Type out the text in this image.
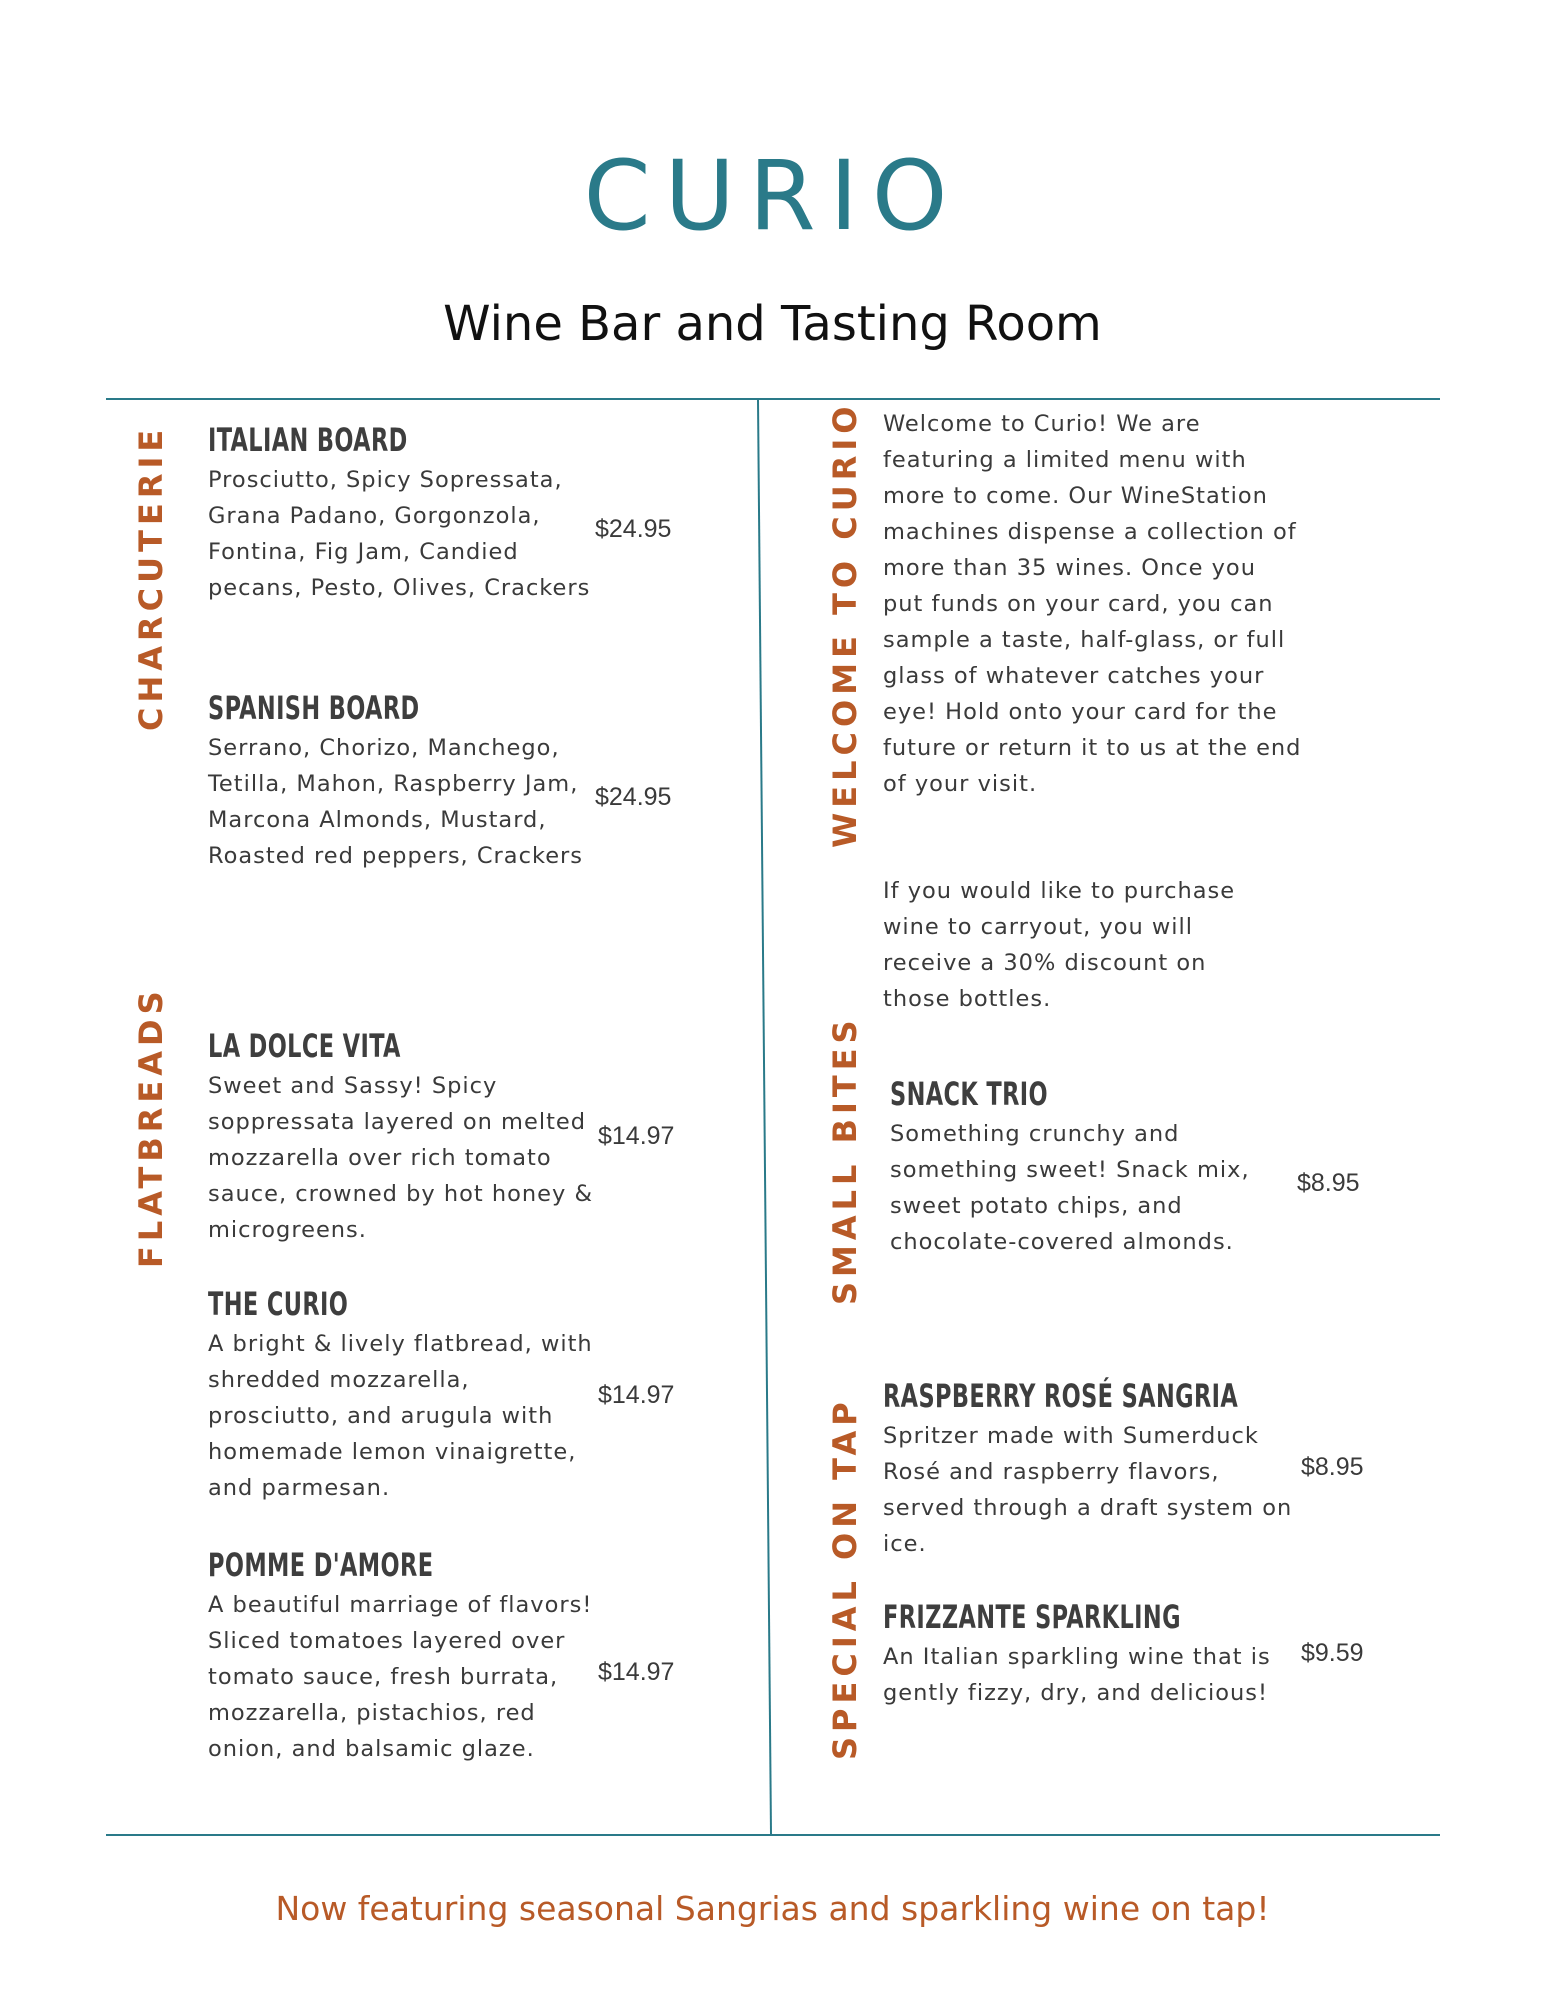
CURIO
Wine Bar and Tasting Room
CHARCUTERIE
FLATBREADS
WELCOME TO CURIO
SMALL BITES
SPECIAL ON TAP
ITALIAN BOARD
Prosciutto, Spicy Sopressata, Grana Padano, Gorgonzola, Fontina, Fig Jam, Candied pecans, Pesto, Olives, Crackers
$24.95
SPANISH BOARD
Serrano, Chorizo, Manchego, Tetilla, Mahon, Raspberry Jam, Marcona Almonds, Mustard, Roasted red peppers, Crackers
$24.95
LA DOLCE VITA
Sweet and Sassy! Spicy soppressata layered on melted mozzarella over rich tomato sauce, crowned by hot honey & microgreens.
$14.97
THE CURIO
A bright & lively flatbread, with shredded mozzarella, prosciutto, and arugula with homemade lemon vinaigrette, and parmesan.
$14.97
POMME D'AMORE
A beautiful marriage of flavors! Sliced tomatoes layered over tomato sauce, fresh burrata, mozzarella, pistachios, red onion, and balsamic glaze.
$14.97
Welcome to Curio! We are featuring a limited menu with more to come. Our WineStation machines dispense a collection of more than 35 wines. Once you put funds on your card, you can sample a taste, half-glass, or full glass of whatever catches your eye! Hold onto your card for the future or return it to us at the end of your visit.
If you would like to purchase wine to carryout, you will receive a 30% discount on those bottles.
SNACK TRIO
Something crunchy and something sweet! Snack mix, sweet potato chips, and chocolate-covered almonds.
$8.95
RASPBERRY ROSÉ SANGRIA
Spritzer made with Sumerduck Rosé and raspberry flavors, served through a draft system on ice.
$8.95
FRIZZANTE SPARKLING
An Italian sparkling wine that is gently fizzy, dry, and delicious!
$9.59
Now featuring seasonal Sangrias and sparkling wine on tap!
